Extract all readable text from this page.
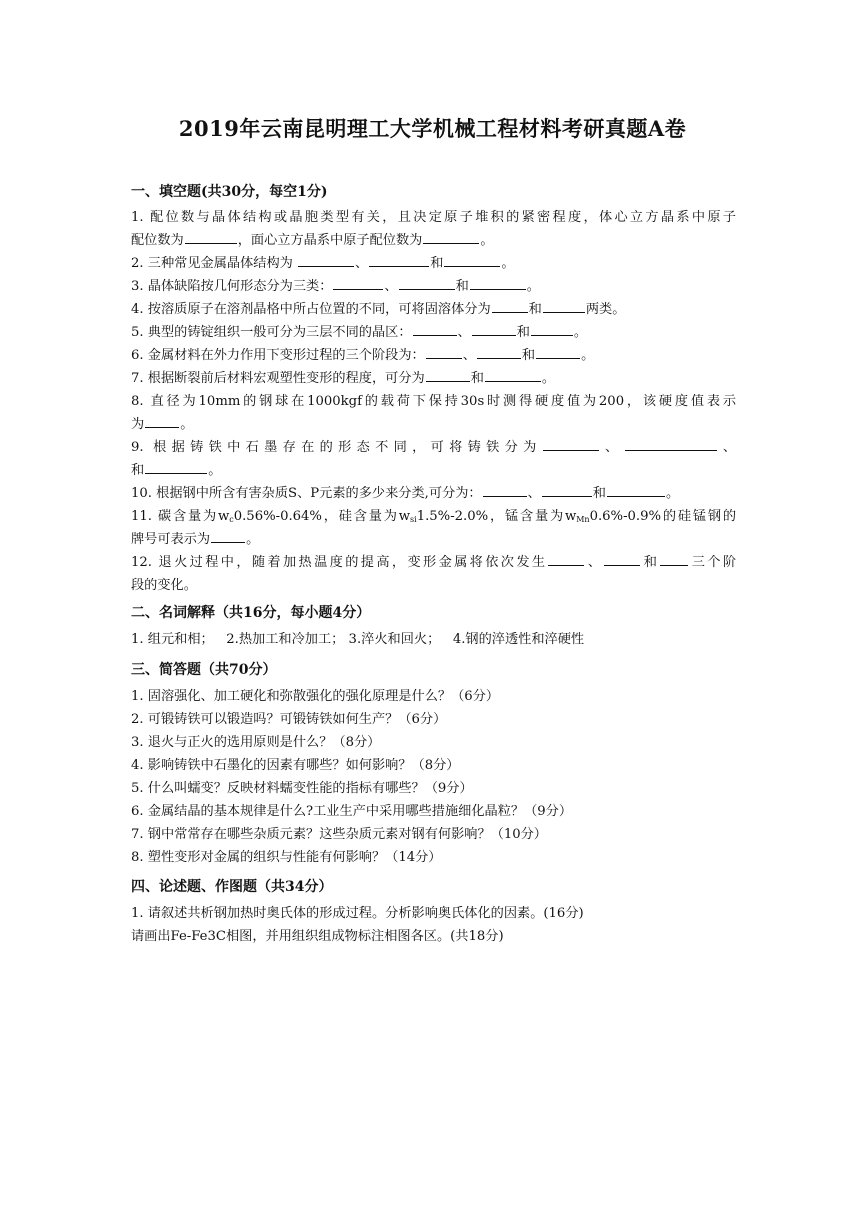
2019年云南昆明理工大学机械工程材料考研真题A卷
一、填空题(共30分，每空1分)
1. 配位数与晶体结构或晶胞类型有关，且决定原子堆积的紧密程度，体心立方晶系中原子
配位数为	，面心立方晶系中原子配位数为	。
2. 三种常见金属晶体结构为	、	和	。
3. 晶体缺陷按几何形态分为三类：	、	和	。
4. 按溶质原子在溶剂晶格中所占位置的不同，可将固溶体分为	和	两类。
5. 典型的铸锭组织一般可分为三层不同的晶区：	、	和	。
6. 金属材料在外力作用下变形过程的三个阶段为：	、	和	。
7. 根据断裂前后材料宏观塑性变形的程度，可分为	和	。
8. 直径为10mm的钢球在1000kgf的载荷下保持30s时测得硬度值为200，该硬度值表示
为	。
9. 根据铸铁中石墨存在的形态不同，可将铸铁分为	、	、
和	。
10. 根据钢中所含有害杂质S、P元素的多少来分类,可分为：	、	和	。
11. 碳含量为$w_c0.56\%-0.64\%$，硅含量为$w_{si}1.5\%-2.0\%$，锰含量为$w_{Mn}0.6\%-0.9\%$的硅锰钢的
牌号可表示为	。
12. 退火过程中，随着加热温度的提高，变形金属将依次发生	、	和 三个阶
段的变化。
二、名词解释（共16分，每小题4分）
1. 组元和相；   2.热加工和冷加工； 3.淬火和回火；   4.钢的淬透性和淬硬性
三、简答题（共70分）
1. 固溶强化、加工硬化和弥散强化的强化原理是什么？（6分）
2. 可锻铸铁可以锻造吗？可锻铸铁如何生产？（6分）
3. 退火与正火的选用原则是什么？（8分）
4. 影响铸铁中石墨化的因素有哪些？如何影响？（8分）
5. 什么叫蠕变？反映材料蠕变性能的指标有哪些？（9分）
6. 金属结晶的基本规律是什么?工业生产中采用哪些措施细化晶粒？（9分）
7. 钢中常常存在哪些杂质元素？这些杂质元素对钢有何影响？（10分）
8. 塑性变形对金属的组织与性能有何影响？（14分）
四、论述题、作图题（共34分）
1. 请叙述共析钢加热时奥氏体的形成过程。分析影响奥氏体化的因素。(16分)
请画出Fe-Fe3C相图，并用组织组成物标注相图各区。(共18分)
